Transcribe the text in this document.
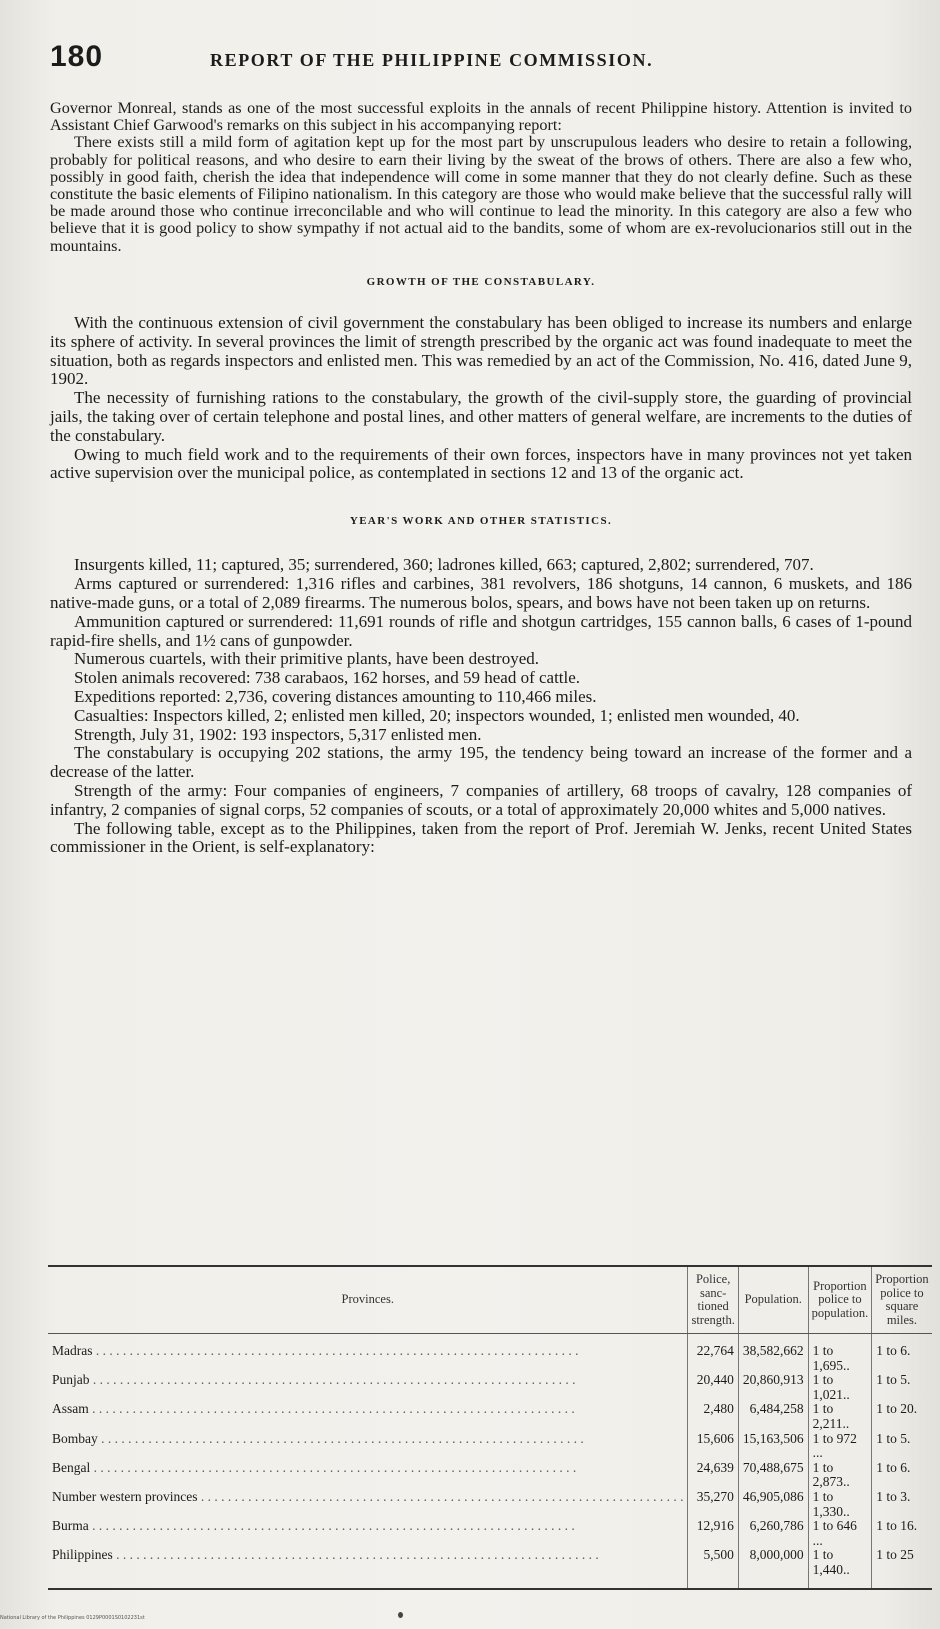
180	REPORT OF THE PHILIPPINE COMMISSION.

Governor Monreal, stands as one of the most successful exploits in the annals of recent Philippine history. Attention is invited to Assistant Chief Garwood's remarks on this subject in his accompanying report:

There exists still a mild form of agitation kept up for the most part by unscrupulous leaders who desire to retain a following, probably for political reasons, and who desire to earn their living by the sweat of the brows of others. There are also a few who, possibly in good faith, cherish the idea that independence will come in some manner that they do not clearly define. Such as these constitute the basic elements of Filipino nationalism. In this category are those who would make believe that the successful rally will be made around those who continue irreconcilable and who will continue to lead the minority. In this category are also a few who believe that it is good policy to show sympathy if not actual aid to the bandits, some of whom are ex-revolucionarios still out in the mountains.

GROWTH OF THE CONSTABULARY.

With the continuous extension of civil government the constabulary has been obliged to increase its numbers and enlarge its sphere of activity. In several provinces the limit of strength prescribed by the organic act was found inadequate to meet the situation, both as regards inspectors and enlisted men. This was remedied by an act of the Commission, No. 416, dated June 9, 1902.

The necessity of furnishing rations to the constabulary, the growth of the civil-supply store, the guarding of provincial jails, the taking over of certain telephone and postal lines, and other matters of general welfare, are increments to the duties of the constabulary.

Owing to much field work and to the requirements of their own forces, inspectors have in many provinces not yet taken active supervision over the municipal police, as contemplated in sections 12 and 13 of the organic act.

YEAR'S WORK AND OTHER STATISTICS.

Insurgents killed, 11; captured, 35; surrendered, 360; ladrones killed, 663; captured, 2,802; surrendered, 707.

Arms captured or surrendered: 1,316 rifles and carbines, 381 revolvers, 186 shotguns, 14 cannon, 6 muskets, and 186 native-made guns, or a total of 2,089 firearms. The numerous bolos, spears, and bows have not been taken up on returns.

Ammunition captured or surrendered: 11,691 rounds of rifle and shotgun cartridges, 155 cannon balls, 6 cases of 1-pound rapid-fire shells, and 1½ cans of gunpowder.

Numerous cuartels, with their primitive plants, have been destroyed.

Stolen animals recovered: 738 carabaos, 162 horses, and 59 head of cattle.

Expeditions reported: 2,736, covering distances amounting to 110,466 miles.

Casualties: Inspectors killed, 2; enlisted men killed, 20; inspectors wounded, 1; enlisted men wounded, 40.

Strength, July 31, 1902: 193 inspectors, 5,317 enlisted men.

The constabulary is occupying 202 stations, the army 195, the tendency being toward an increase of the former and a decrease of the latter.

Strength of the army: Four companies of engineers, 7 companies of artillery, 68 troops of cavalry, 128 companies of infantry, 2 companies of signal corps, 52 companies of scouts, or a total of approximately 20,000 whites and 5,000 natives.

The following table, except as to the Philippines, taken from the report of Prof. Jeremiah W. Jenks, recent United States commissioner in the Orient, is self-explanatory:

Provinces.	Police, sanc- tioned strength.	Population.	Proportion police to population.	Proportion police to square miles.
Madras . . .	22,764	38,582,662	1 to 1,695..	1 to 6.
Punjab . . .	20,440	20,860,913	1 to 1,021..	1 to 5.
Assam . . .	2,480	6,484,258	1 to 2,211..	1 to 20.
Bombay . . .	15,606	15,163,506	1 to 972 ...	1 to 5.
Bengal . . .	24,639	70,488,675	1 to 2,873..	1 to 6.
Number western provinces . . .	35,270	46,905,086	1 to 1,330..	1 to 3.
Burma . . .	12,916	6,260,786	1 to 646 ...	1 to 16.
Philippines . . .	5,500	8,000,000	1 to 1,440..	1 to 25
National Library of the Philippines 0129P0001S0102231st
